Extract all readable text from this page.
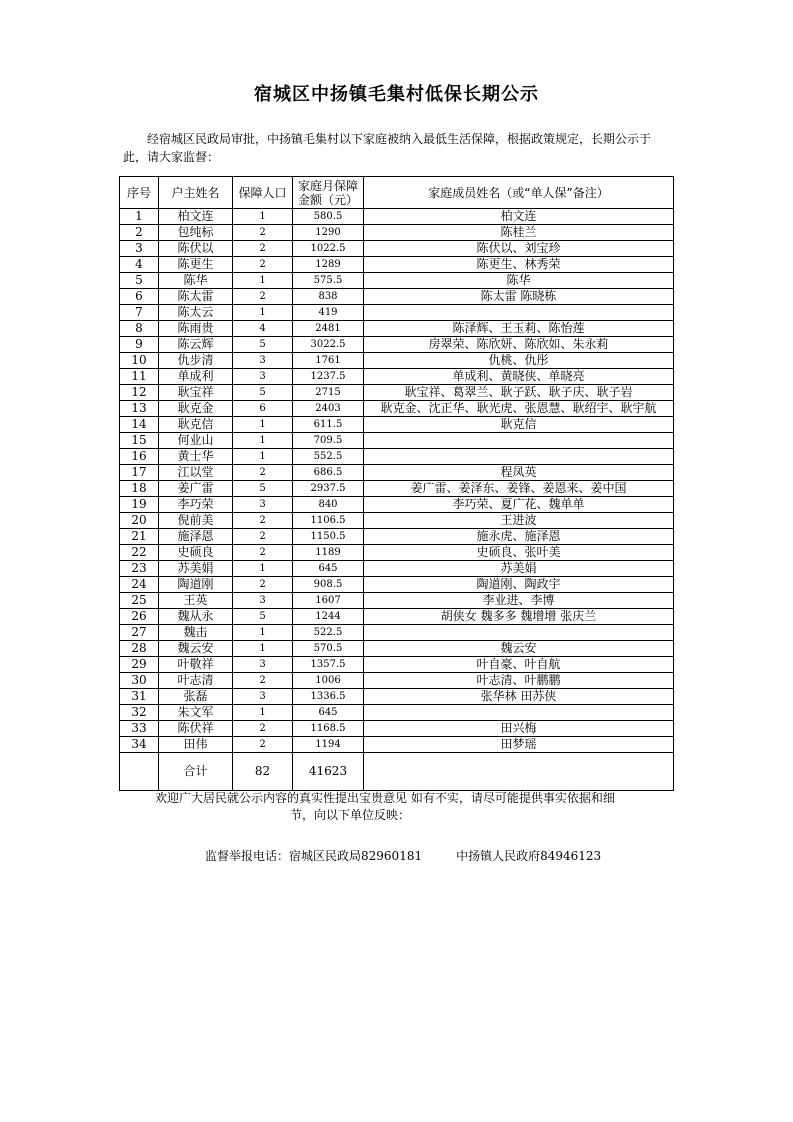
宿城区中扬镇毛集村低保长期公示
经宿城区民政局审批，中扬镇毛集村以下家庭被纳入最低生活保障，根据政策规定，长期公示于此，请大家监督：
序号	户主姓名	保障人口	家庭月保障金额（元）	家庭成员姓名（或“单人保”备注）
1	柏文连	1	580.5	柏文连
2	包纯标	2	1290	陈桂兰
3	陈伏以	2	1022.5	陈伏以、刘宝珍
4	陈更生	2	1289	陈更生、林秀荣
5	陈华	1	575.5	陈华
6	陈太雷	2	838	陈太雷 陈晓栋
7	陈太云	1	419	
8	陈雨贵	4	2481	陈泽辉、王玉莉、陈怡莲
9	陈云辉	5	3022.5	房翠荣、陈欣妍、陈欣如、朱永莉
10	仇步清	3	1761	仇桃、仇彤
11	单成利	3	1237.5	单成利、黄晓侠、单晓亮
12	耿宝祥	5	2715	耿宝祥、葛翠兰、耿子跃、耿子庆、耿子岩
13	耿克金	6	2403	耿克金、沈正华、耿光虎、张恩慧、耿绍宇、耿宇航
14	耿克信	1	611.5	耿克信
15	何业山	1	709.5	
16	黄士华	1	552.5	
17	江以堂	2	686.5	程凤英
18	姜广雷	5	2937.5	姜广雷、姜泽东、姜锋、姜恩来、姜中国
19	李巧荣	3	840	李巧荣、夏广花、魏单单
20	倪前美	2	1106.5	王进波
21	施泽恩	2	1150.5	施永虎、施泽恩
22	史硕良	2	1189	史硕良、张叶美
23	苏美娟	1	645	苏美娟
24	陶道刚	2	908.5	陶道刚、陶政宇
25	王英	3	1607	李业进、李博
26	魏从永	5	1244	胡侠女 魏多多 魏增增 张庆兰
27	魏击	1	522.5	
28	魏云安	1	570.5	魏云安
29	叶敬祥	3	1357.5	叶自豪、叶自航
30	叶志清	2	1006	叶志清、叶鹏鹏
31	张磊	3	1336.5	张华林 田苏侠
32	朱文军	1	645	
33	陈伏祥	2	1168.5	田兴梅
34	田伟	2	1194	田梦瑶
	合计	82	41623	

欢迎广大居民就公示内容的真实性提出宝贵意见 如有不实，请尽可能提供事实依据和细

节，向以下单位反映：

监督举报电话：宿城区民政局82960181	中扬镇人民政府84946123
